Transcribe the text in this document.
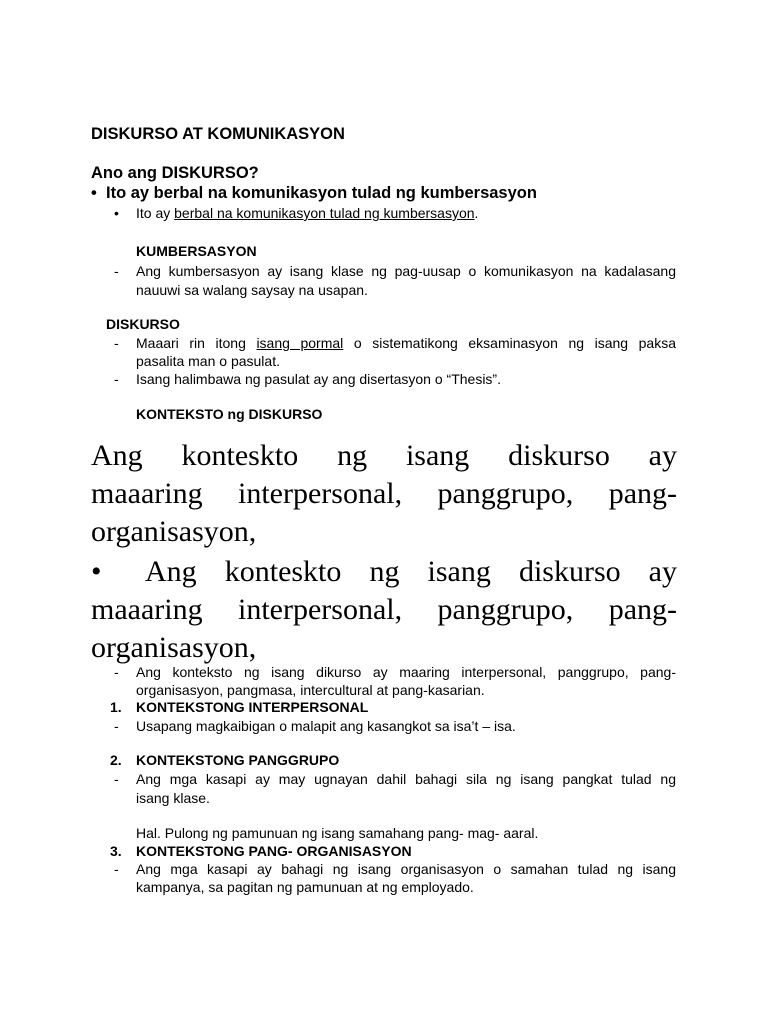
DISKURSO AT KOMUNIKASYON
Ano ang DISKURSO?
• Ito ay berbal na komunikasyon tulad ng kumbersasyon
• Ito ay berbal na komunikasyon tulad ng kumbersasyon.
KUMBERSASYON
- Ang kumbersasyon ay isang klase ng pag-uusap o komunikasyon na kadalasang
nauuwi sa walang saysay na usapan.
DISKURSO
- Maaari rin itong isang pormal o sistematikong eksaminasyon ng isang paksa
pasalita man o pasulat.
- Isang halimbawa ng pasulat ay ang disertasyon o “Thesis”.
KONTEKSTO ng DISKURSO
Ang konteskto ng isang diskurso ay
maaaring interpersonal, panggrupo, pang-
organisasyon,
• Ang konteskto ng isang diskurso ay
maaaring interpersonal, panggrupo, pang-
organisasyon,
- Ang konteksto ng isang dikurso ay maaring interpersonal, panggrupo, pang-
organisasyon, pangmasa, intercultural at pang-kasarian.
1. KONTEKSTONG INTERPERSONAL
- Usapang magkaibigan o malapit ang kasangkot sa isa’t – isa.
2. KONTEKSTONG PANGGRUPO
- Ang mga kasapi ay may ugnayan dahil bahagi sila ng isang pangkat tulad ng
isang klase.
Hal. Pulong ng pamunuan ng isang samahang pang- mag- aaral.
3. KONTEKSTONG PANG- ORGANISASYON
- Ang mga kasapi ay bahagi ng isang organisasyon o samahan tulad ng isang
kampanya, sa pagitan ng pamunuan at ng employado.
